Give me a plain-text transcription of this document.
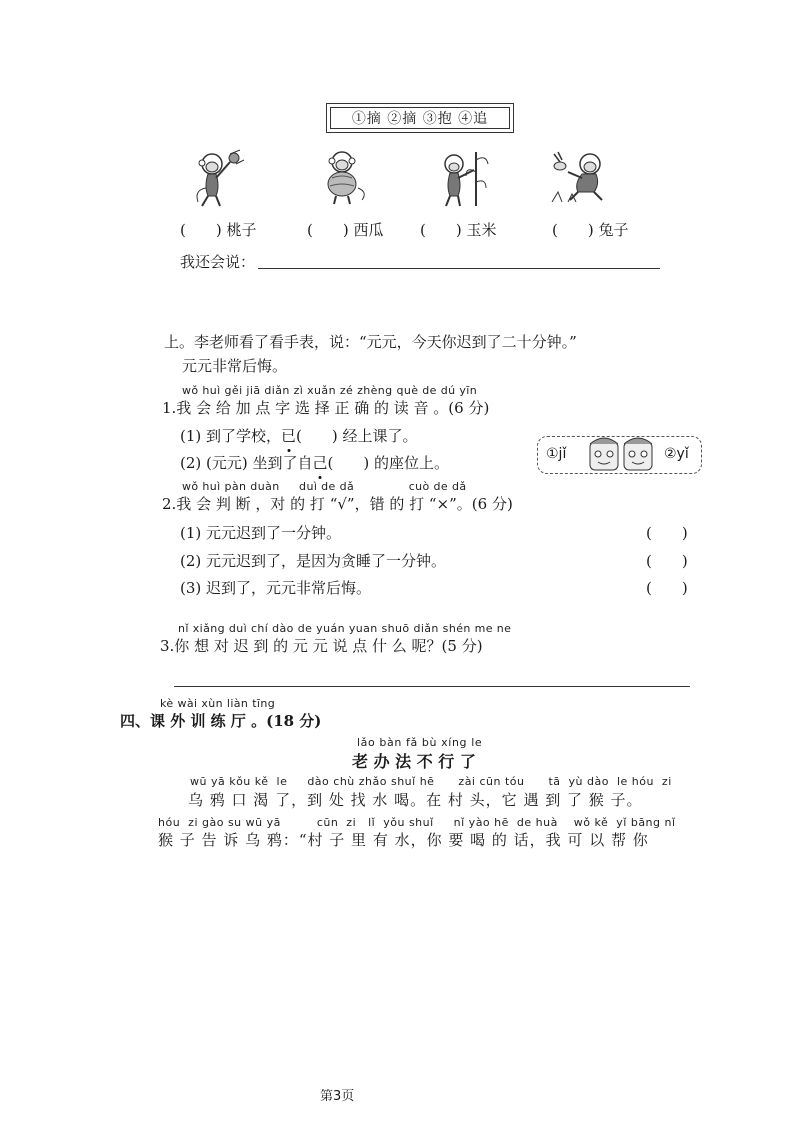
①摘 ②摘 ③抱 ④追
(　　) 桃子	(　　) 西瓜 (　　) 玉米	(　　) 兔子
我还会说：
上。李老师看了看手表，说：“元元，今天你迟到了二十分钟。”
元元非常后悔。
wǒ huì gěi jiā diǎn zì xuǎn zé zhèng què de dú yīn
1.我 会 给 加 点 字 选 择 正 确 的 读 音 。(6 分)
(1) 到了学校，已(　　) 经上课了。
(2) (元元) 坐到了自己(　　) 的座位上。	①jǐ	②yǐ
wǒ huì pàn duàn     duì de dǎ              cuò de dǎ
2.我 会 判 断 ，对 的 打 “√”，错 的 打 “×”。(6 分)
(1) 元元迟到了一分钟。	(　　)
(2) 元元迟到了，是因为贪睡了一分钟。	(　　)
(3) 迟到了，元元非常后悔。	(　　)
nǐ xiǎng duì chí dào de yuán yuan shuō diǎn shén me ne
3.你 想 对 迟 到 的 元 元 说 点 什 么 呢？(5 分)
kè wài xùn liàn tīng
四、课 外 训 练 厅 。(18 分)
lǎo bàn fǎ bù xíng le
老 办 法 不 行 了
wū yā kǒu kě  le     dào chù zhǎo shuǐ hē      zài cūn tóu      tā  yù dào  le hóu  zi
乌 鸦 口 渴 了，到 处 找 水 喝。在 村 头，它 遇 到 了 猴 子。
hóu  zi gào su wū yā         cūn  zi   lǐ  yǒu shuǐ     nǐ yào hē  de huà    wǒ kě  yǐ bāng nǐ
猴 子 告 诉 乌 鸦：“村 子 里 有 水，你 要 喝 的 话，我 可 以 帮 你
第3页
